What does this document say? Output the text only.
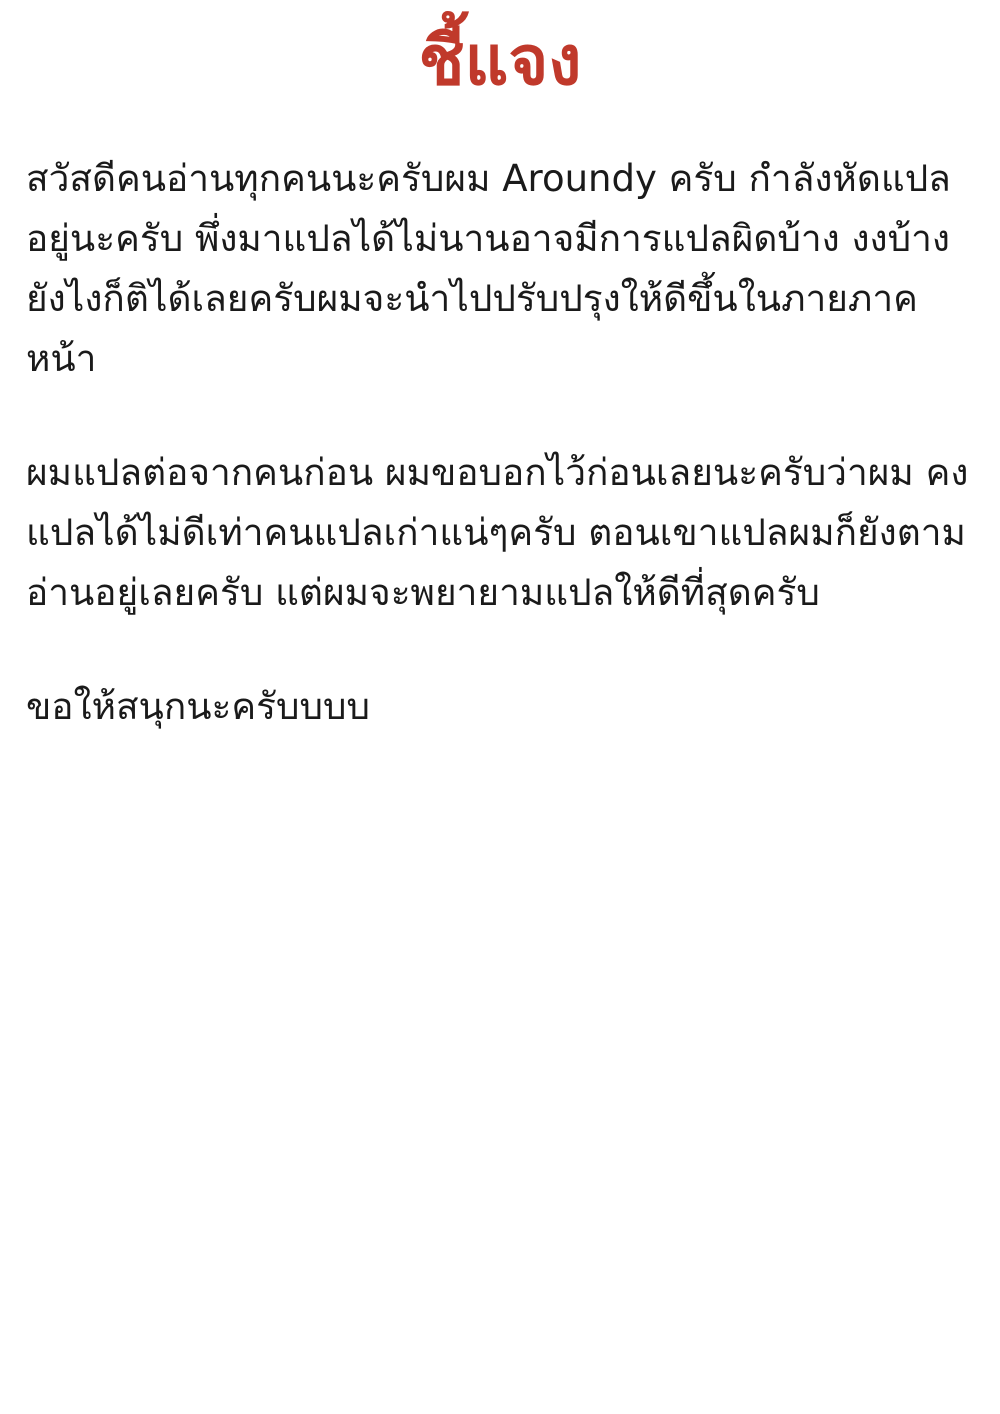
ชี้แจง

สวัสดีคนอ่านทุกคนนะครับผม Aroundy ครับ กำลังหัดแปลอยู่นะครับ พึ่งมาแปลได้ไม่นานอาจมีการแปลผิดบ้าง งงบ้าง ยังไงก็ติได้เลยครับผมจะนำไปปรับปรุงให้ดีขึ้นในภายภาคหน้า

ผมแปลต่อจากคนก่อน ผมขอบอกไว้ก่อนเลยนะครับว่าผม คงแปลได้ไม่ดีเท่าคนแปลเก่าแน่ๆครับ ตอนเขาแปลผมก็ยังตามอ่านอยู่เลยครับ แต่ผมจะพยายามแปลให้ดีที่สุดครับ

ขอให้สนุกนะครับบบบ
